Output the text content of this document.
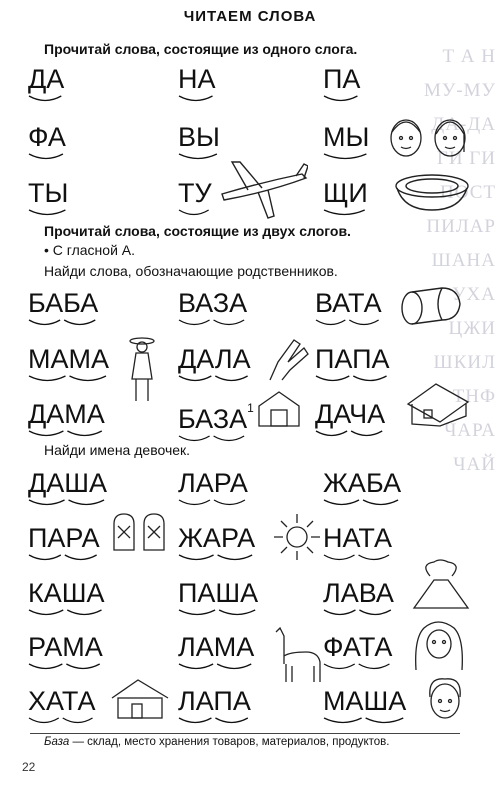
Т А Н
МУ-МУ
ДА-ДА
ГИ ГИ
ПОСТ
ПИЛАР
ШАНА
УХА
ЦЖИ
ШКИЛ
ТНФ
ЧАРА
ЧАЙ
ЧИТАЕМ СЛОВА
Прочитай слова, состоящие из одного слога.
ДА	НА	ПА
ФА	ВЫ	МЫ
ТЫ	ТУ	ЩИ
Прочитай слова, состоящие из двух слогов.
• С гласной А.
Найди слова, обозначающие родственников.
БАБА	ВАЗА	ВАТА
МАМА	ДАЛА ПАПА
ДАМА	БАЗА$^1$ ДАЧА
Найди имена девочек.
ДАША	ЛАРА	ЖАБА
ПАРА	ЖАРА	НАТА
КАША	ПАША ЛАВА
РАМА	ЛАМА	ФАТА
ХАТА	ЛАПА	МАША
База — склад, место хранения товаров, материалов, продуктов.
22
